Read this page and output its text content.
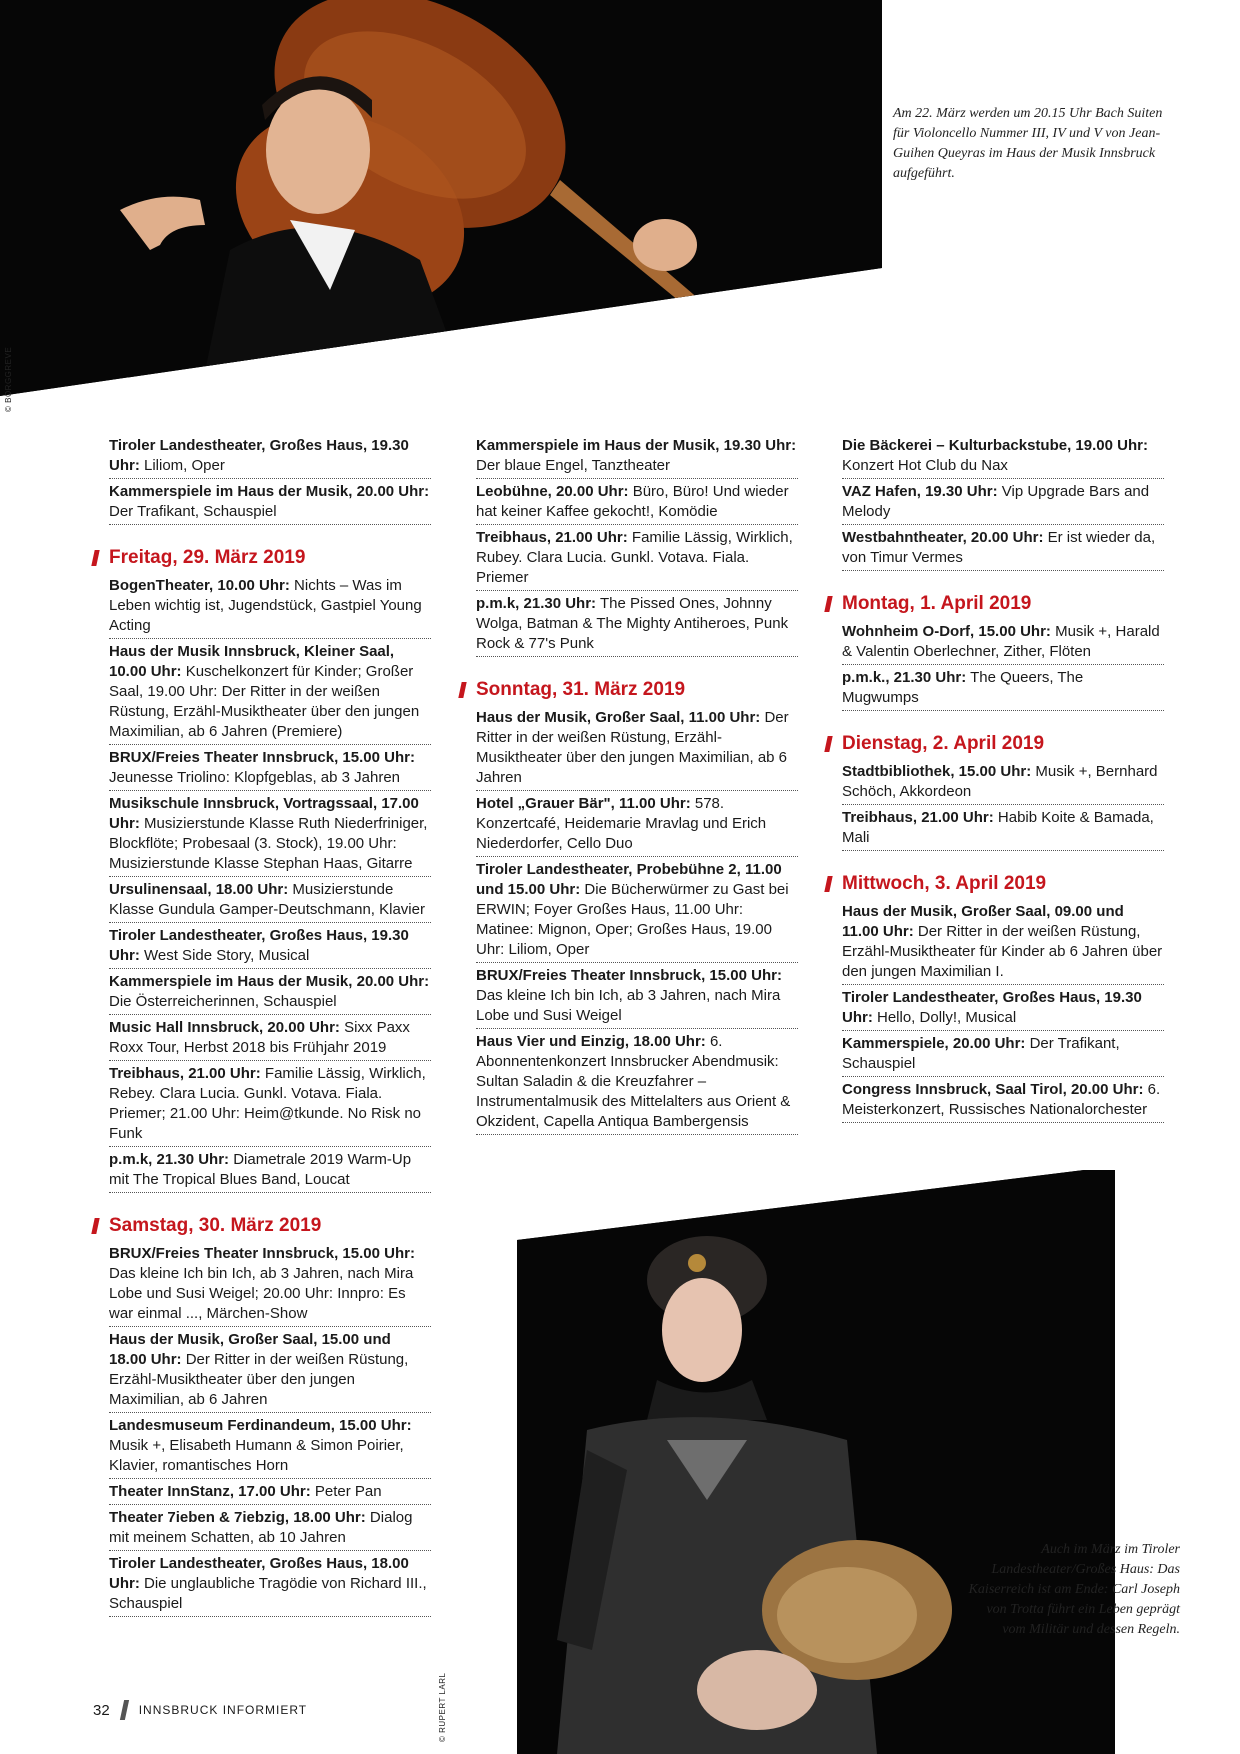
© BORGGREVE
Am 22. März werden um 20.15 Uhr Bach Suiten für Violoncello Nummer III, IV und V von Jean-Guihen Queyras im Haus der Musik Innsbruck aufgeführt.
Tiroler Landestheater, Großes Haus, 19.30 Uhr: Liliom, Oper
Kammerspiele im Haus der Musik, 20.00 Uhr: Der Trafikant, Schauspiel
Freitag, 29. März 2019
BogenTheater, 10.00 Uhr: Nichts – Was im Leben wichtig ist, Jugendstück, Gastpiel Young Acting
Haus der Musik Innsbruck, Kleiner Saal, 10.00 Uhr: Kuschelkonzert für Kinder; Großer Saal, 19.00 Uhr: Der Ritter in der weißen Rüstung, Erzähl-Musiktheater über den jungen Maximilian, ab 6 Jahren (Premiere)
BRUX/Freies Theater Innsbruck, 15.00 Uhr: Jeunesse Triolino: Klopfgeblas, ab 3 Jahren
Musikschule Innsbruck, Vortragssaal, 17.00 Uhr: Musizierstunde Klasse Ruth Niederfriniger, Blockflöte; Probesaal (3. Stock), 19.00 Uhr: Musizierstunde Klasse Stephan Haas, Gitarre
Ursulinensaal, 18.00 Uhr: Musizierstunde Klasse Gundula Gamper-Deutschmann, Klavier
Tiroler Landestheater, Großes Haus, 19.30 Uhr: West Side Story, Musical
Kammerspiele im Haus der Musik, 20.00 Uhr: Die Österreicherinnen, Schauspiel
Music Hall Innsbruck, 20.00 Uhr: Sixx Paxx Roxx Tour, Herbst 2018 bis Frühjahr 2019
Treibhaus, 21.00 Uhr: Familie Lässig, Wirklich, Rebey. Clara Lucia. Gunkl. Votava. Fiala. Priemer; 21.00 Uhr: Heim@tkunde. No Risk no Funk
p.m.k, 21.30 Uhr: Diametrale 2019 Warm-Up mit The Tropical Blues Band, Loucat
Samstag, 30. März 2019
BRUX/Freies Theater Innsbruck, 15.00 Uhr: Das kleine Ich bin Ich, ab 3 Jahren, nach Mira Lobe und Susi Weigel; 20.00 Uhr: Innpro: Es war einmal ..., Märchen-Show
Haus der Musik, Großer Saal, 15.00 und 18.00 Uhr: Der Ritter in der weißen Rüstung, Erzähl-Musiktheater über den jungen Maximilian, ab 6 Jahren
Landesmuseum Ferdinandeum, 15.00 Uhr: Musik +, Elisabeth Humann & Simon Poirier, Klavier, romantisches Horn
Theater InnStanz, 17.00 Uhr: Peter Pan
Theater 7ieben & 7iebzig, 18.00 Uhr: Dialog mit meinem Schatten, ab 10 Jahren
Tiroler Landestheater, Großes Haus, 18.00 Uhr: Die unglaubliche Tragödie von Richard III., Schauspiel
Kammerspiele im Haus der Musik, 19.30 Uhr: Der blaue Engel, Tanztheater
Leobühne, 20.00 Uhr: Büro, Büro! Und wieder hat keiner Kaffee gekocht!, Komödie
Treibhaus, 21.00 Uhr: Familie Lässig, Wirklich, Rubey. Clara Lucia. Gunkl. Votava. Fiala. Priemer
p.m.k, 21.30 Uhr: The Pissed Ones, Johnny Wolga, Batman & The Mighty Antiheroes, Punk Rock & 77's Punk
Sonntag, 31. März 2019
Haus der Musik, Großer Saal, 11.00 Uhr: Der Ritter in der weißen Rüstung, Erzähl-Musiktheater über den jungen Maximilian, ab 6 Jahren
Hotel „Grauer Bär", 11.00 Uhr: 578. Konzertcafé, Heidemarie Mravlag und Erich Niederdorfer, Cello Duo
Tiroler Landestheater, Probebühne 2, 11.00 und 15.00 Uhr: Die Bücherwürmer zu Gast bei ERWIN; Foyer Großes Haus, 11.00 Uhr: Matinee: Mignon, Oper; Großes Haus, 19.00 Uhr: Liliom, Oper
BRUX/Freies Theater Innsbruck, 15.00 Uhr: Das kleine Ich bin Ich, ab 3 Jahren, nach Mira Lobe und Susi Weigel
Haus Vier und Einzig, 18.00 Uhr: 6. Abonnentenkonzert Innsbrucker Abendmusik: Sultan Saladin & die Kreuzfahrer – Instrumentalmusik des Mittelalters aus Orient & Okzident, Capella Antiqua Bambergensis
Die Bäckerei – Kulturbackstube, 19.00 Uhr: Konzert Hot Club du Nax
VAZ Hafen, 19.30 Uhr: Vip Upgrade Bars and Melody
Westbahntheater, 20.00 Uhr: Er ist wieder da, von Timur Vermes
Montag, 1. April 2019
Wohnheim O-Dorf, 15.00 Uhr: Musik +, Harald & Valentin Oberlechner, Zither, Flöten
p.m.k., 21.30 Uhr: The Queers, The Mugwumps
Dienstag, 2. April 2019
Stadtbibliothek, 15.00 Uhr: Musik +, Bernhard Schöch, Akkordeon
Treibhaus, 21.00 Uhr: Habib Koite & Bamada, Mali
Mittwoch, 3. April 2019
Haus der Musik, Großer Saal, 09.00 und 11.00 Uhr: Der Ritter in der weißen Rüstung, Erzähl-Musiktheater für Kinder ab 6 Jahren über den jungen Maximilian I.
Tiroler Landestheater, Großes Haus, 19.30 Uhr: Hello, Dolly!, Musical
Kammerspiele, 20.00 Uhr: Der Trafikant, Schauspiel
Congress Innsbruck, Saal Tirol, 20.00 Uhr: 6. Meisterkonzert, Russisches Nationalorchester
© RUPERT LARL
Auch im März im Tiroler Landestheater/Großes Haus: Das Kaiserreich ist am Ende: Carl Joseph von Trotta führt ein Leben geprägt vom Militär und dessen Regeln.
32 INNSBRUCK INFORMIERT
